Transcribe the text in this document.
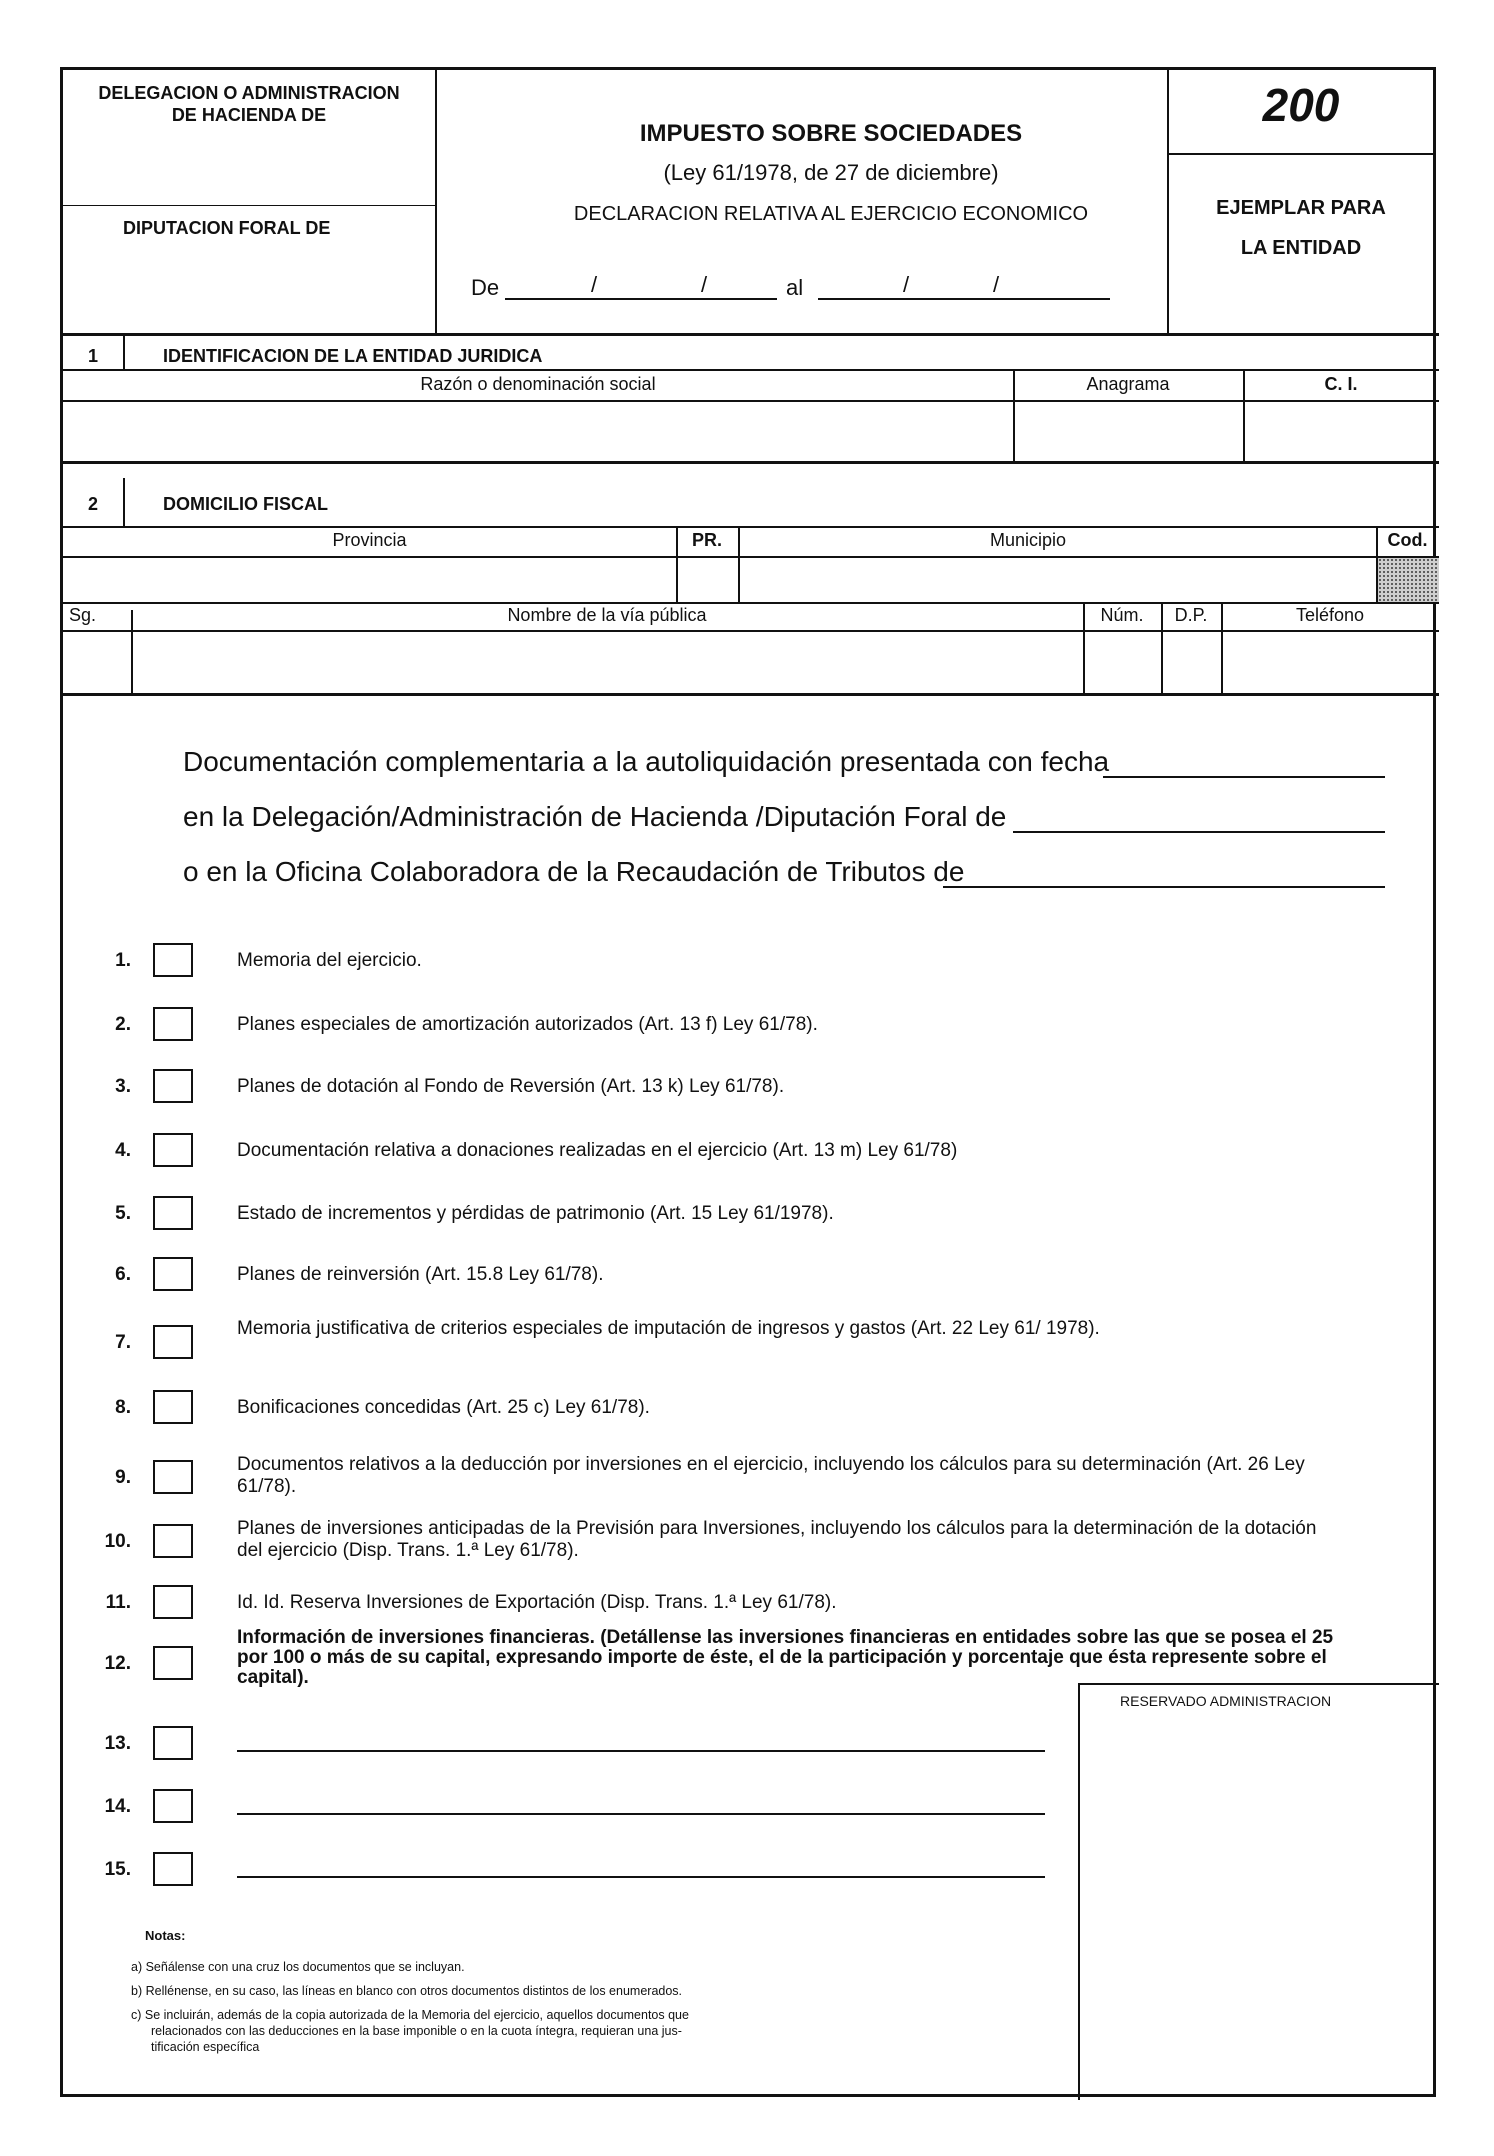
DELEGACION O ADMINISTRACION
DE HACIENDA DE
DIPUTACION FORAL DE
IMPUESTO SOBRE SOCIEDADES
(Ley 61/1978, de 27 de diciembre)
DECLARACION RELATIVA AL EJERCICIO ECONOMICO
De	/	/	al	/	/
200
EJEMPLAR PARA
LA ENTIDAD
1	IDENTIFICACION DE LA ENTIDAD JURIDICA
Razón o denominación social	Anagrama	C. I.
2	DOMICILIO FISCAL
Provincia	PR.	Municipio	Cod.
Sg.	Nombre de la vía pública	Núm.	D.P.	Teléfono
Documentación complementaria a la autoliquidación presentada con fecha
en la Delegación/Administración de Hacienda /Diputación Foral de
o en la Oficina Colaboradora de la Recaudación de Tributos de
1.	Memoria del ejercicio.
2.	Planes especiales de amortización autorizados (Art. 13 f) Ley 61/78).
3.	Planes de dotación al Fondo de Reversión (Art. 13 k) Ley 61/78).
4.	Documentación relativa a donaciones realizadas en el ejercicio (Art. 13 m) Ley 61/78)
5.	Estado de incrementos y pérdidas de patrimonio (Art. 15 Ley 61/1978).
6.	Planes de reinversión (Art. 15.8 Ley 61/78).
7.
Memoria justificativa de criterios especiales de imputación de ingresos y gastos (Art. 22 Ley 61/ 1978).
8.	Bonificaciones concedidas (Art. 25 c) Ley 61/78).
9.
Documentos relativos a la deducción por inversiones en el ejercicio, incluyendo los cálculos para su determinación (Art. 26 Ley 61/78).
10.
Planes de inversiones anticipadas de la Previsión para Inversiones, incluyendo los cálculos para la determinación de la dotación del ejercicio (Disp. Trans. 1.ª Ley 61/78).
11.	Id. Id. Reserva Inversiones de Exportación (Disp. Trans. 1.ª Ley 61/78).
12.
Información de inversiones financieras. (Detállense las inversiones financieras en entidades sobre las que se posea el 25 por 100 o más de su capital, expresando importe de éste, el de la participación y porcentaje que ésta represente sobre el capital).
13.
14.
15.
RESERVADO ADMINISTRACION
Notas:
a) Señálense con una cruz los documentos que se incluyan.
b) Rellénense, en su caso, las líneas en blanco con otros documentos distintos de los enumerados.
c) Se incluirán, además de la copia autorizada de la Memoria del ejercicio, aquellos documentos que
relacionados con las deducciones en la base imponible o en la cuota íntegra, requieran una jus-
tificación específica
